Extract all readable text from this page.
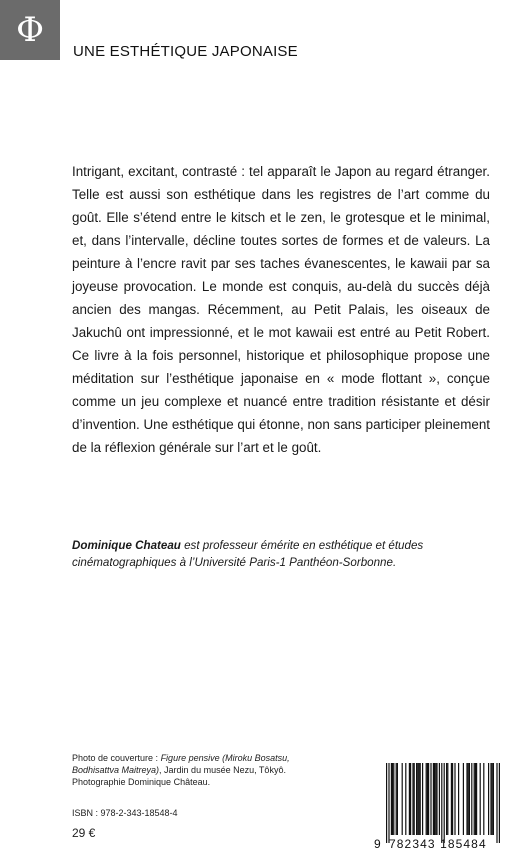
Φ
UNE ESTHÉTIQUE JAPONAISE

Intrigant, excitant, contrasté : tel apparaît le Japon au regard étranger. Telle est aussi son esthétique dans les registres de l’art comme du goût. Elle s’étend entre le kitsch et le zen, le grotesque et le minimal, et, dans l’intervalle, décline toutes sortes de formes et de valeurs. La peinture à l’encre ravit par ses taches évanescentes, le kawaii par sa joyeuse provocation. Le monde est conquis, au-delà du succès déjà ancien des mangas. Récemment, au Petit Palais, les oiseaux de Jakuchû ont impressionné, et le mot kawaii est entré au Petit Robert. Ce livre à la fois personnel, historique et philosophique propose une méditation sur l’esthétique japonaise en « mode flottant », conçue comme un jeu complexe et nuancé entre tradition résistante et désir d’invention. Une esthétique qui étonne, non sans participer pleinement de la réflexion générale sur l’art et le goût.

Dominique Chateau est professeur émérite en esthétique et études cinématographiques à l’Université Paris-1 Panthéon-Sorbonne.

Photo de couverture : Figure pensive (Miroku Bosatsu, Bodhisattva Maitreya), Jardin du musée Nezu, Tôkyô.
Photographie Dominique Château.

ISBN : 978-2-343-18548-4
29 €
9 782343 185484
